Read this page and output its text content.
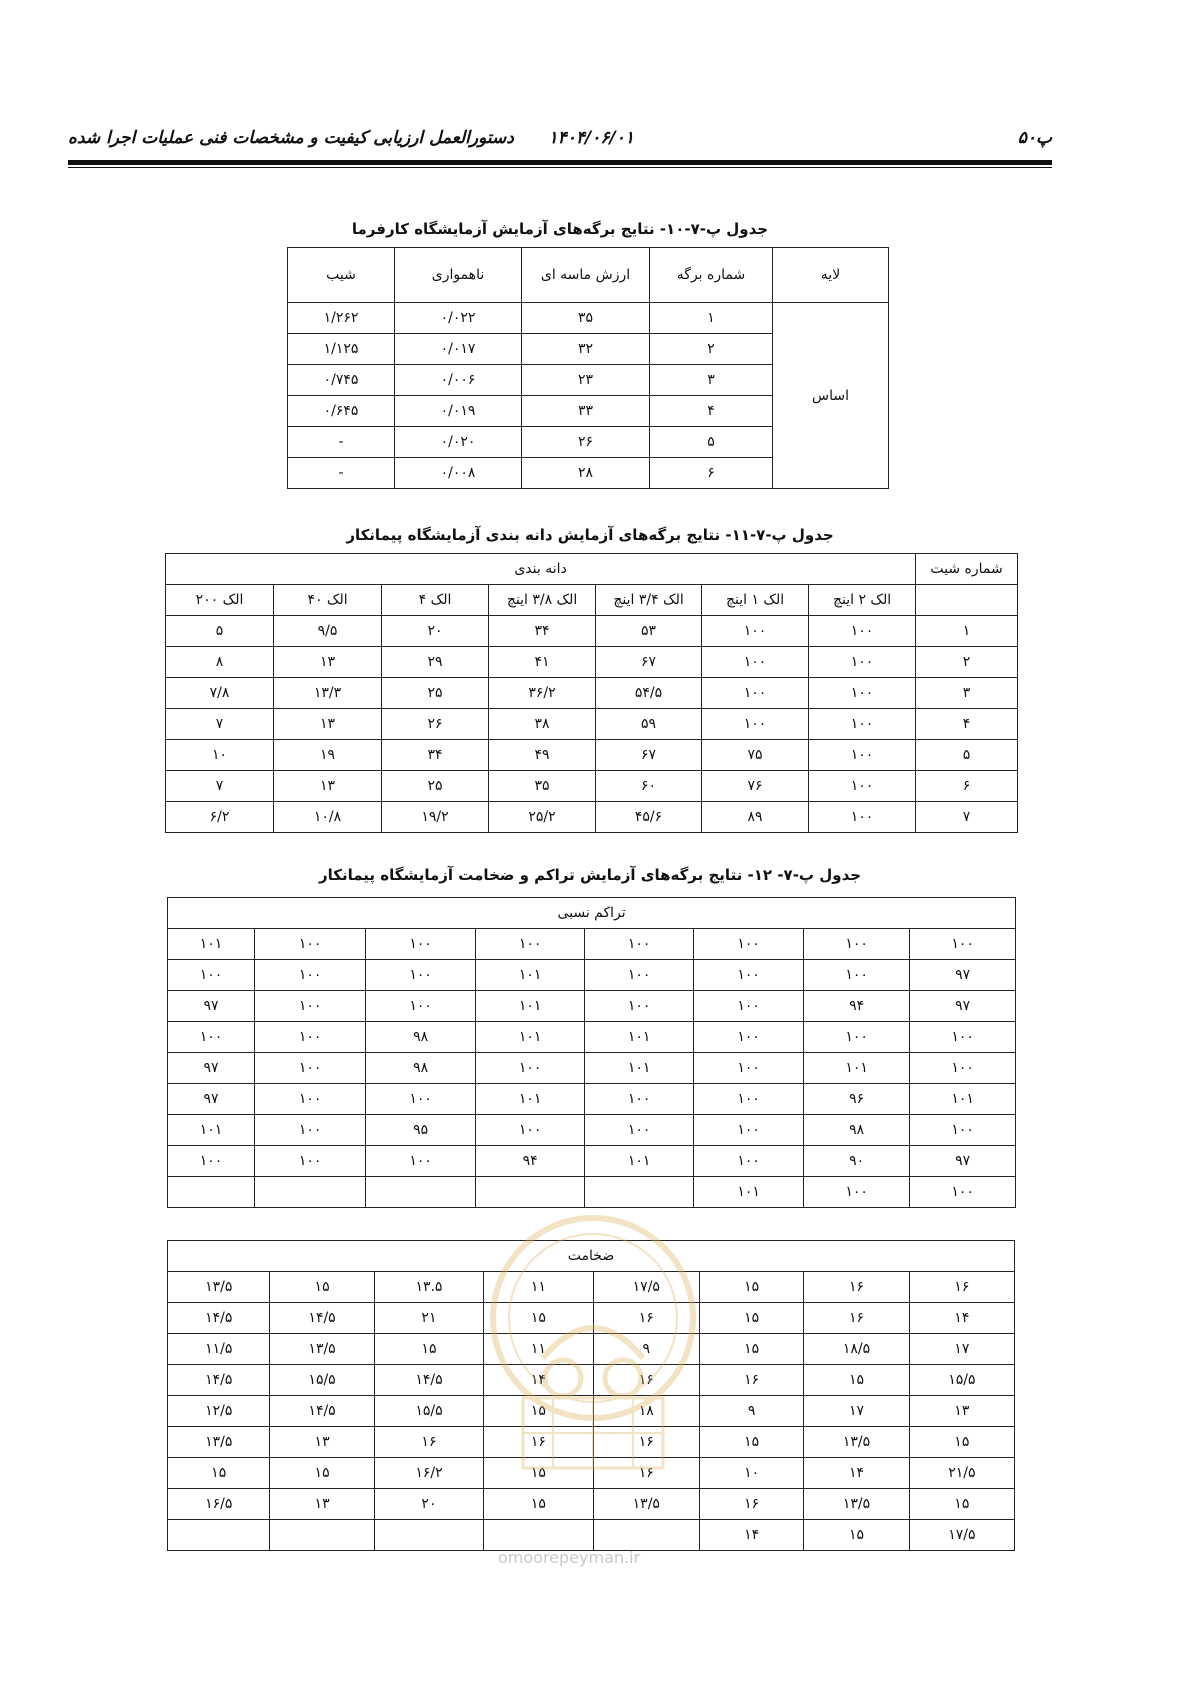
پ۵۰
۱۴۰۴/۰۶/۰۱
دستورالعمل ارزیابی کیفیت و مشخصات فنی عملیات اجرا شده
جدول پ-۷-۱۰- نتایج برگه‌های آزمایش آزمایشگاه کارفرما
لایه	شماره برگه	ارزش ماسه ای	ناهمواری	شیب
اساس	۱	۳۵	۰/۰۲۲	۱/۲۶۲
	۲	۳۲	۰/۰۱۷	۱/۱۲۵
	۳	۲۳	۰/۰۰۶	۰/۷۴۵
	۴	۳۳	۰/۰۱۹	۰/۶۴۵
	۵	۲۶	۰/۰۲۰	-
	۶	۲۸	۰/۰۰۸	-
جدول پ-۷-۱۱- نتایج برگه‌های آزمایش دانه بندی آزمایشگاه پیمانکار
شماره شیت	دانه بندی						
	الک ۲ اینچ	الک ۱ اینچ	الک ۳/۴ اینچ	الک ۳/۸ اینچ	الک ۴	الک ۴۰	الک ۲۰۰
۱	۱۰۰	۱۰۰	۵۳	۳۴	۲۰	۹/۵	۵
۲	۱۰۰	۱۰۰	۶۷	۴۱	۲۹	۱۳	۸
۳	۱۰۰	۱۰۰	۵۴/۵	۳۶/۲	۲۵	۱۳/۳	۷/۸
۴	۱۰۰	۱۰۰	۵۹	۳۸	۲۶	۱۳	۷
۵	۱۰۰	۷۵	۶۷	۴۹	۳۴	۱۹	۱۰
۶	۱۰۰	۷۶	۶۰	۳۵	۲۵	۱۳	۷
۷	۱۰۰	۸۹	۴۵/۶	۲۵/۲	۱۹/۲	۱۰/۸	۶/۲
جدول پ-۷- ۱۲- نتایج برگه‌های آزمایش تراکم و ضخامت آزمایشگاه پیمانکار
تراکم نسبی							
۱۰۰	۱۰۰	۱۰۰	۱۰۰	۱۰۰	۱۰۰	۱۰۰	۱۰۱
۹۷	۱۰۰	۱۰۰	۱۰۰	۱۰۱	۱۰۰	۱۰۰	۱۰۰
۹۷	۹۴	۱۰۰	۱۰۰	۱۰۱	۱۰۰	۱۰۰	۹۷
۱۰۰	۱۰۰	۱۰۰	۱۰۱	۱۰۱	۹۸	۱۰۰	۱۰۰
۱۰۰	۱۰۱	۱۰۰	۱۰۱	۱۰۰	۹۸	۱۰۰	۹۷
۱۰۱	۹۶	۱۰۰	۱۰۰	۱۰۱	۱۰۰	۱۰۰	۹۷
۱۰۰	۹۸	۱۰۰	۱۰۰	۱۰۰	۹۵	۱۰۰	۱۰۱
۹۷	۹۰	۱۰۰	۱۰۱	۹۴	۱۰۰	۱۰۰	۱۰۰
۱۰۰	۱۰۰	۱۰۱					
ضخامت							
۱۶	۱۶	۱۵	۱۷/۵	۱۱	۱۳.۵	۱۵	۱۳/۵
۱۴	۱۶	۱۵	۱۶	۱۵	۲۱	۱۴/۵	۱۴/۵
۱۷	۱۸/۵	۱۵	۹	۱۱	۱۵	۱۳/۵	۱۱/۵
۱۵/۵	۱۵	۱۶	۱۶	۱۴	۱۴/۵	۱۵/۵	۱۴/۵
۱۳	۱۷	۹	۱۸	۱۵	۱۵/۵	۱۴/۵	۱۲/۵
۱۵	۱۳/۵	۱۵	۱۶	۱۶	۱۶	۱۳	۱۳/۵
۲۱/۵	۱۴	۱۰	۱۶	۱۵	۱۶/۲	۱۵	۱۵
۱۵	۱۳/۵	۱۶	۱۳/۵	۱۵	۲۰	۱۳	۱۶/۵
۱۷/۵	۱۵	۱۴					
omoorepeyman.ir
